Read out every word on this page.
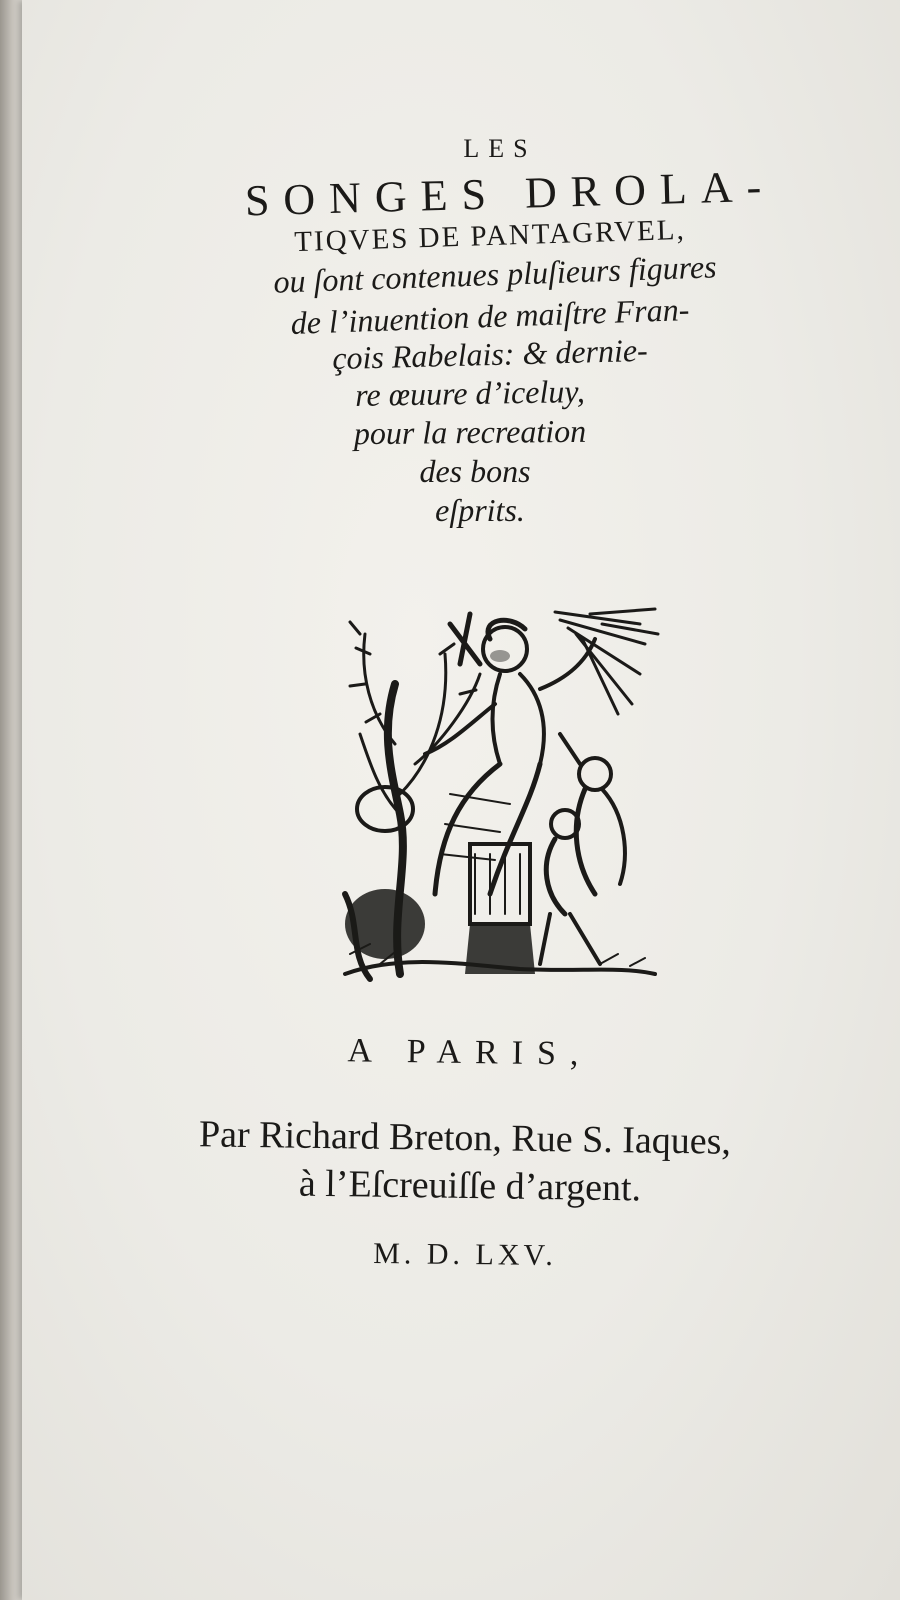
LES
SONGES DROLA-
TIQVES DE PANTAGRVEL,
ou ſont contenues pluſieurs figures
de l’inuention de maiſtre Fran-
çois Rabelais: & dernie-
re œuure d’iceluy,
pour la recreation
des bons
eſprits.
A PARIS,
Par Richard Breton, Rue S. Iaques,
à l’Eſcreuiſſe d’argent.
M. D. LXV.
